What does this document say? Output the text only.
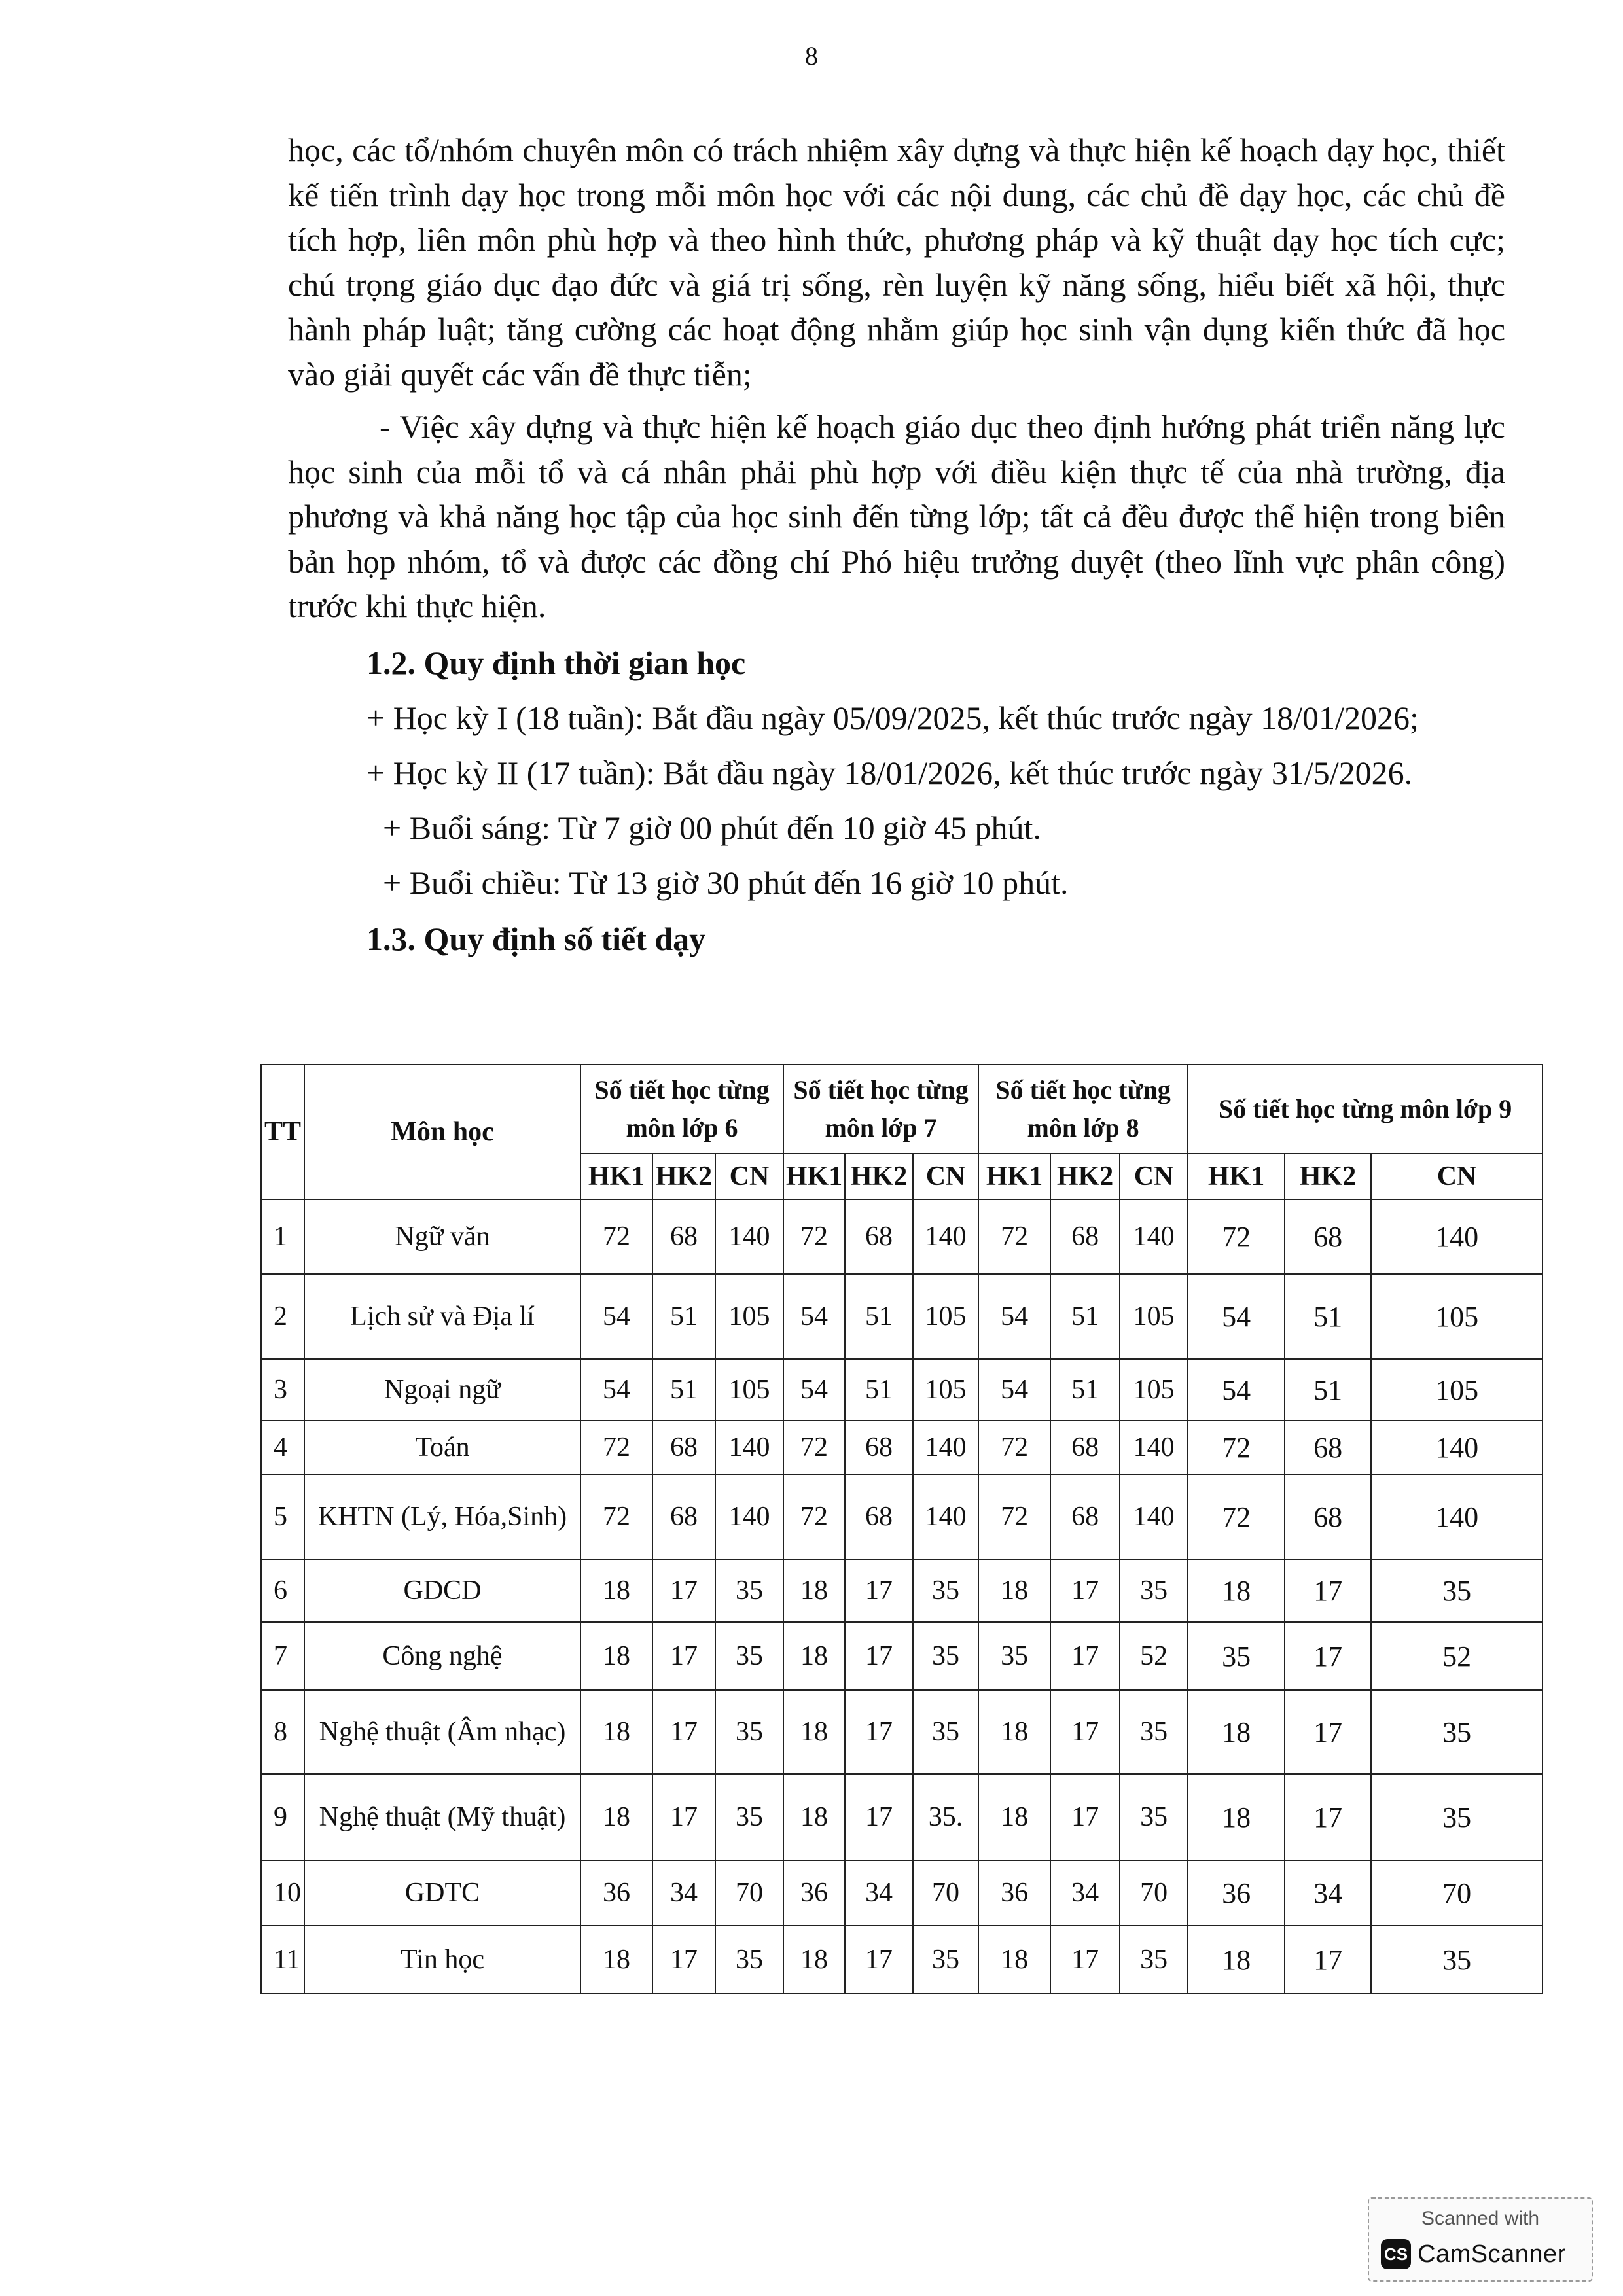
8

học, các tổ/nhóm chuyên môn có trách nhiệm xây dựng và thực hiện kế hoạch dạy học, thiết kế tiến trình dạy học trong mỗi môn học với các nội dung, các chủ đề dạy học, các chủ đề tích hợp, liên môn phù hợp và theo hình thức, phương pháp và kỹ thuật dạy học tích cực; chú trọng giáo dục đạo đức và giá trị sống, rèn luyện kỹ năng sống, hiểu biết xã hội, thực hành pháp luật; tăng cường các hoạt động nhằm giúp học sinh vận dụng kiến thức đã học vào giải quyết các vấn đề thực tiễn;

- Việc xây dựng và thực hiện kế hoạch giáo dục theo định hướng phát triển năng lực học sinh của mỗi tổ và cá nhân phải phù hợp với điều kiện thực tế của nhà trường, địa phương và khả năng học tập của học sinh đến từng lớp; tất cả đều được thể hiện trong biên bản họp nhóm, tổ và được các đồng chí Phó hiệu trưởng duyệt (theo lĩnh vực phân công) trước khi thực hiện.

1.2. Quy định thời gian học

+ Học kỳ I (18 tuần): Bắt đầu ngày 05/09/2025, kết thúc trước ngày 18/01/2026;

+ Học kỳ II (17 tuần): Bắt đầu ngày 18/01/2026, kết thúc trước ngày 31/5/2026.

+ Buổi sáng: Từ 7 giờ 00 phút đến 10 giờ 45 phút.

+ Buổi chiều: Từ 13 giờ 30 phút đến 16 giờ 10 phút.

1.3. Quy định số tiết dạy

TT	Môn học	Số tiết học từng môn lớp 6			Số tiết học từng môn lớp 7			Số tiết học từng môn lớp 8			Số tiết học từng môn lớp 9		
		HK1	HK2	CN	HK1	HK2	CN	HK1	HK2	CN	HK1	HK2	CN
1	Ngữ văn	72	68	140	72	68	140	72	68	140	72	68	140
2	Lịch sử và Địa lí	54	51	105	54	51	105	54	51	105	54	51	105
3	Ngoại ngữ	54	51	105	54	51	105	54	51	105	54	51	105
4	Toán	72	68	140	72	68	140	72	68	140	72	68	140
5	KHTN (Lý, Hóa,Sinh)	72	68	140	72	68	140	72	68	140	72	68	140
6	GDCD	18	17	35	18	17	35	18	17	35	18	17	35
7	Công nghệ	18	17	35	18	17	35	35	17	52	35	17	52
8	Nghệ thuật (Âm nhạc)	18	17	35	18	17	35	18	17	35	18	17	35
9	Nghệ thuật (Mỹ thuật)	18	17	35	18	17	35.	18	17	35	18	17	35
10	GDTC	36	34	70	36	34	70	36	34	70	36	34	70
11	Tin học	18	17	35	18	17	35	18	17	35	18	17	35
Scanned with
CS CamScanner
